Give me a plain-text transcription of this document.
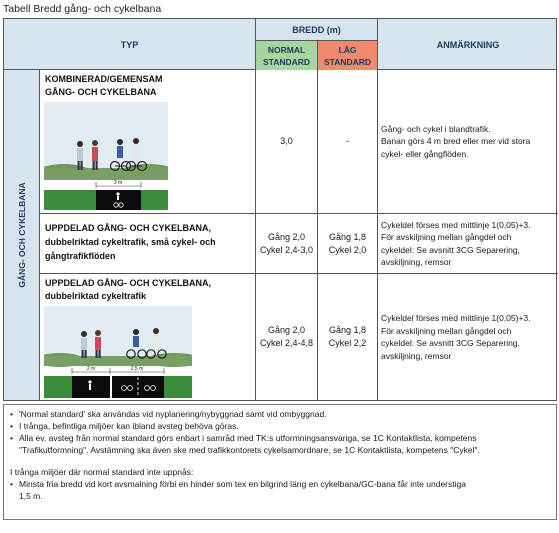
Tabell Bredd gång- och cykelbana
TYP
BREDD (m)
NORMAL
STANDARD
LÅG
STANDARD
ANMÄRKNING
GÅNG- OCH CYKELBANA
KOMBINERAD/GEMENSAM
GÅNG- OCH CYKELBANA
3 m
3,0	-
Gång- och cykel i blandtrafik.
Banan görs 4 m bred eller mer vid stora
cykel- eller gångflöden.
UPPDELAD GÅNG- OCH CYKELBANA,
dubbelriktad cykeltrafik, små cykel- och
gångtrafikflöden
Gång 2,0
Cykel 2,4-3,0
Gång 1,8
Cykel 2,0
Cykeldel förses med mittlinje 1(0,05)+3.
För avskiljning mellan gångdel och
cykeldel: Se avsnitt 3CG Separering,
avskiljning, remsor
UPPDELAD GÅNG- OCH CYKELBANA,
dubbelriktad cykeltrafik
2 m	2,5 m
Gång 2,0
Cykel 2,4-4,8
Gång 1,8
Cykel 2,2
Cykeldel förses med mittlinje 1(0,05)+3.
För avskiljning mellan gångdel och
cykeldel: Se avsnitt 3CG Separering,
avskiljning, remsor
• 'Normal standard' ska användas vid nyplanering/nybyggnad samt vid ombyggnad.
• I trånga, befintliga miljöer kan ibland avsteg behöva göras.
• Alla ev. avsteg från normal standard görs enbart i samråd med TK:s utformningsansvariga, se 1C Kontaktlista, kompetens
"Trafikutformning". Avstämning ska även ske med trafikkontorets cykelsamordnare, se 1C Kontaktlista, kompetens "Cykel".
I trånga miljöer där normal standard inte uppnås:
• Minsta fria bredd vid kort avsmalning förbi en hinder som tex en bilgrind läng en cykelbana/GC-bana får inte understiga
1,5 m.
